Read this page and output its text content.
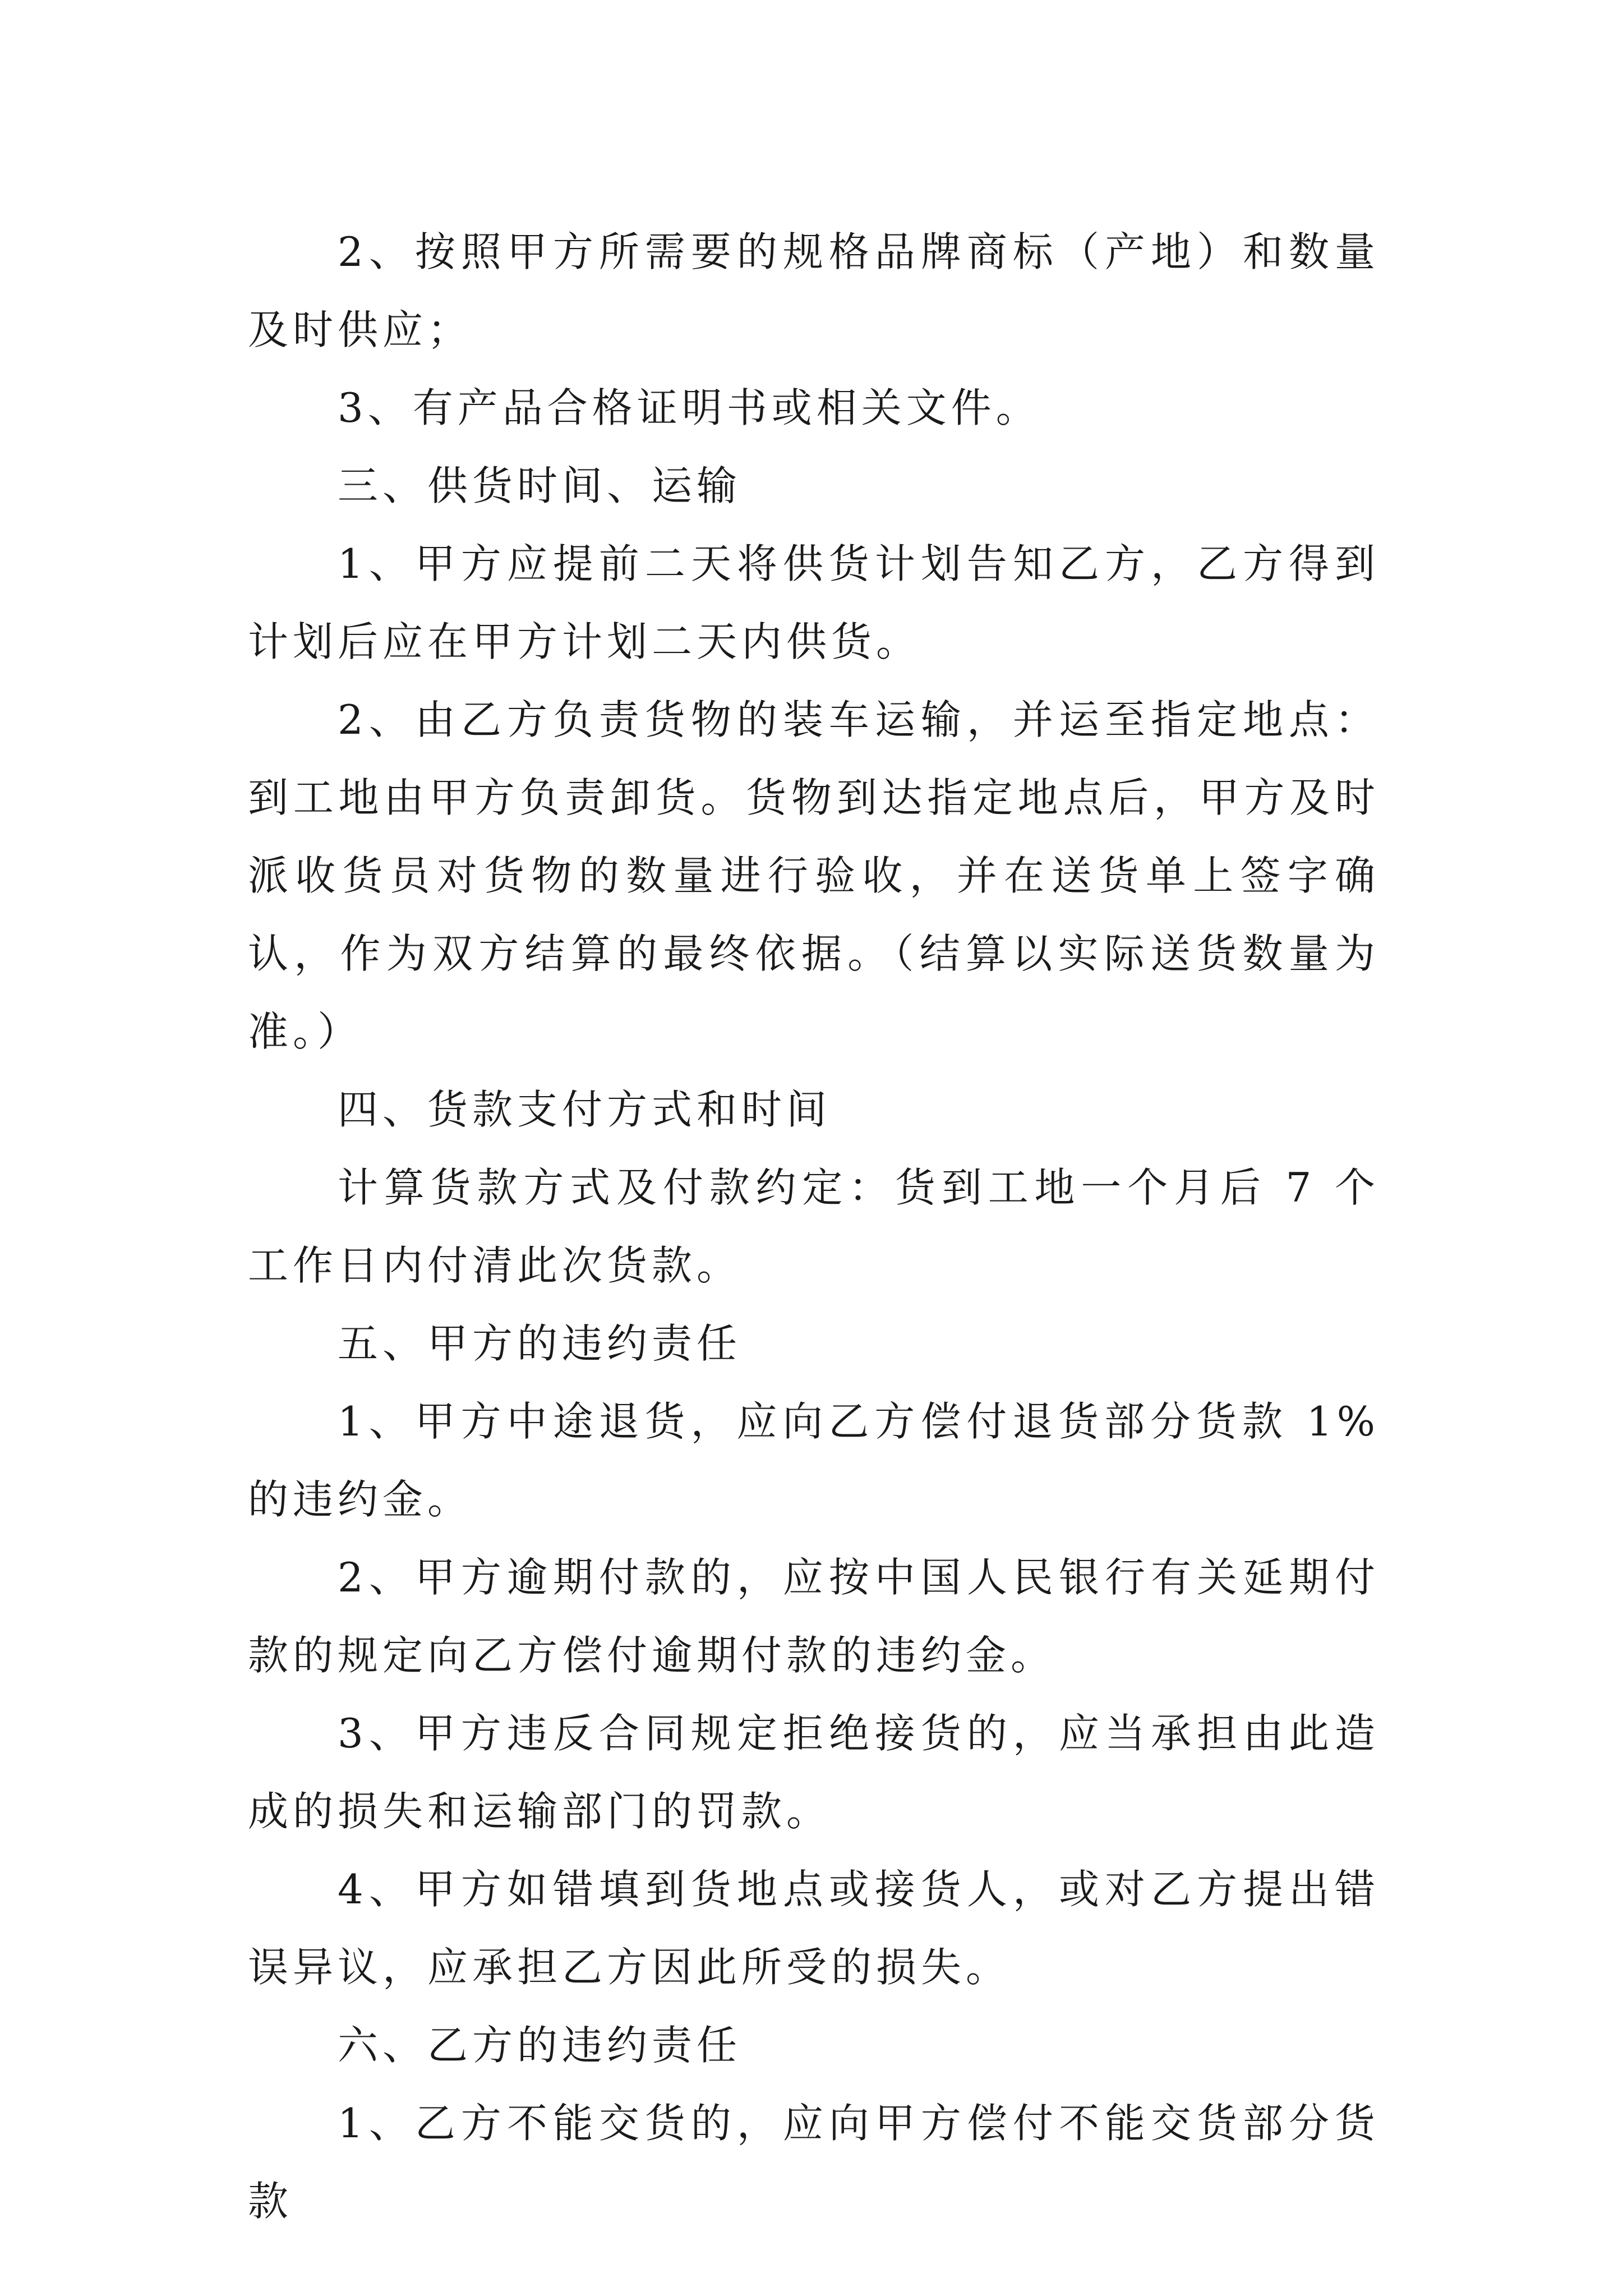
2、按照甲方所需要的规格品牌商标（产地）和数量及时供应；

3、有产品合格证明书或相关文件。

三、供货时间、运输

1、甲方应提前二天将供货计划告知乙方，乙方得到计划后应在甲方计划二天内供货。

2、由乙方负责货物的装车运输，并运至指定地点：到工地由甲方负责卸货。货物到达指定地点后，甲方及时派收货员对货物的数量进行验收，并在送货单上签字确认，作为双方结算的最终依据。（结算以实际送货数量为准。）

四、货款支付方式和时间

计算货款方式及付款约定：货到工地一个月后 7 个工作日内付清此次货款。

五、甲方的违约责任

1、甲方中途退货，应向乙方偿付退货部分货款 1%的违约金。

2、甲方逾期付款的，应按中国人民银行有关延期付款的规定向乙方偿付逾期付款的违约金。

3、甲方违反合同规定拒绝接货的，应当承担由此造成的损失和运输部门的罚款。

4、甲方如错填到货地点或接货人，或对乙方提出错误异议，应承担乙方因此所受的损失。

六、乙方的违约责任

1、乙方不能交货的，应向甲方偿付不能交货部分货款
